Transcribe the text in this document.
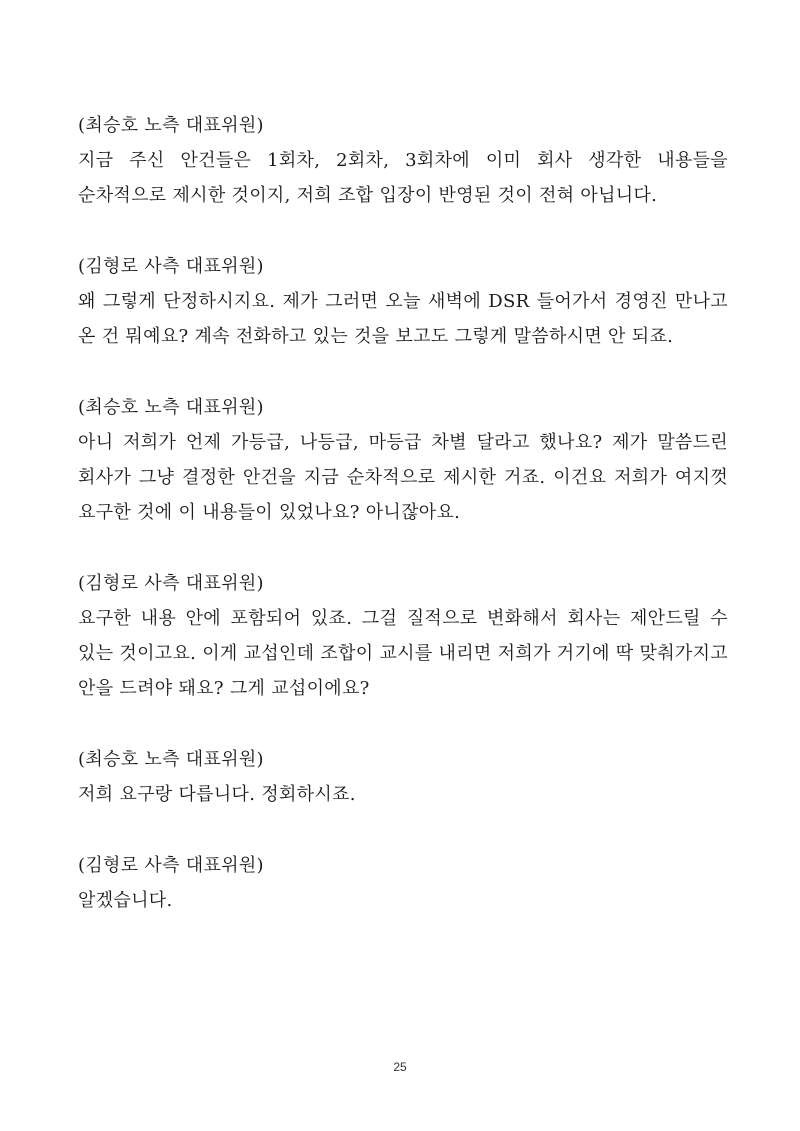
(최승호 노측 대표위원)

지금 주신 안건들은 1회차, 2회차, 3회차에 이미 회사 생각한 내용들을 순차적으로 제시한 것이지, 저희 조합 입장이 반영된 것이 전혀 아닙니다.

(김형로 사측 대표위원)

왜 그렇게 단정하시지요. 제가 그러면 오늘 새벽에 DSR 들어가서 경영진 만나고 온 건 뭐예요? 계속 전화하고 있는 것을 보고도 그렇게 말씀하시면 안 되죠.

(최승호 노측 대표위원)

아니 저희가 언제 가등급, 나등급, 마등급 차별 달라고 했나요? 제가 말씀드린 회사가 그냥 결정한 안건을 지금 순차적으로 제시한 거죠. 이건요 저희가 여지껏 요구한 것에 이 내용들이 있었나요? 아니잖아요.

(김형로 사측 대표위원)

요구한 내용 안에 포함되어 있죠. 그걸 질적으로 변화해서 회사는 제안드릴 수 있는 것이고요. 이게 교섭인데 조합이 교시를 내리면 저희가 거기에 딱 맞춰가지고 안을 드려야 돼요? 그게 교섭이에요?

(최승호 노측 대표위원)

저희 요구랑 다릅니다. 정회하시죠.

(김형로 사측 대표위원)

알겠습니다.

25
